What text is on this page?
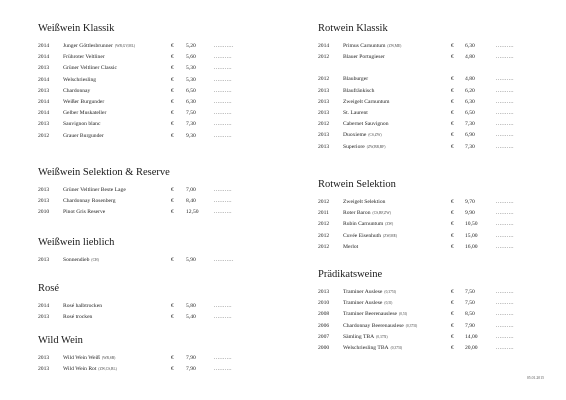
Weißwein Klassik
2014 Junger Göttlesbrunner (WB,GV,ML)	€ 5,20	...........
2014 Frühroter Veltliner	€ 5,60	..........
2013 Grüner Veltliner Classic	€ 5,30	..........
2014 Welschriesling	€ 5,30	..........
2013 Chardonnay	€ 6,50	..........
2014 Weißer Burgunder	€ 6,30	..........
2014 Gelber Muskateller	€ 7,50	..........
2013 Sauvignon blanc	€ 7,30	..........
2012 Grauer Burgunder	€ 9,30	..........
Weißwein Selektion & Reserve
2013 Grüner Veltliner Beste Lage	€ 7,00	..........
2013 Chardonnay Rosenberg	€ 8,40	..........
2010 Pinot Gris Reserve	€ 12,50	..........
Weißwein lieblich
2013 Sonnendieb (CH)	€ 5,90	...........
Rosé
2014 Rosé halbtrocken	€ 5,80	..........
2013 Rosé trocken	€ 5,40	..........
Wild Wein
2013 Wild Wein Weiß (WB,SB)	€ 7,90	..........
2013 Wild Wein Rot (ZW,CS,BL)	€ 7,90	..........
Rotwein Klassik
2014 Primus Carnuntum (ZW,ME)	€ 6,30	..........
2012 Blauer Portugieser	€ 4,80	..........
2012 Blauburger	€ 4,80	..........
2013 Blaufränkisch	€ 6,20	..........
2013 Zweigelt Carnuntum	€ 6,30	..........
2013 St. Laurent	€ 6,50	..........
2012 Cabernet Sauvignon	€ 7,30	..........
2013 Duoxieme (CS,ZW)	€ 6,90	..........
2013 Superiore (ZW,BB,BF)	€ 7,30	..........
Rotwein Selektion
2012 Zweigelt Selektion	€ 9,70	..........
2011	Roter Baron (CS,BF,ZW)	€ 9,90	..........
2012 Rubin Carnuntum (ZW)	€ 10,50	..........
2012 Cuvée Eisenhuth (ZW,ME)	€ 15,00	..........
2012 Merlot	€ 16,00	..........
Prädikatsweine
2013 Traminer Auslese (0,375l)	€ 7,50	..........
2010 Traminer Auslese (0,5l)	€ 7,50	..........
2008 Traminer Beerenauslese (0,5l)	€ 8,50	..........
2006 Chardonnay Beerenauslese (0,375l)	€ 7,90	..........
2007 Sämling TBA (0,375l)	€ 14,00	..........
2000 Welschriesling TBA (0,375l)	€ 20,00	..........
05.01.2015
